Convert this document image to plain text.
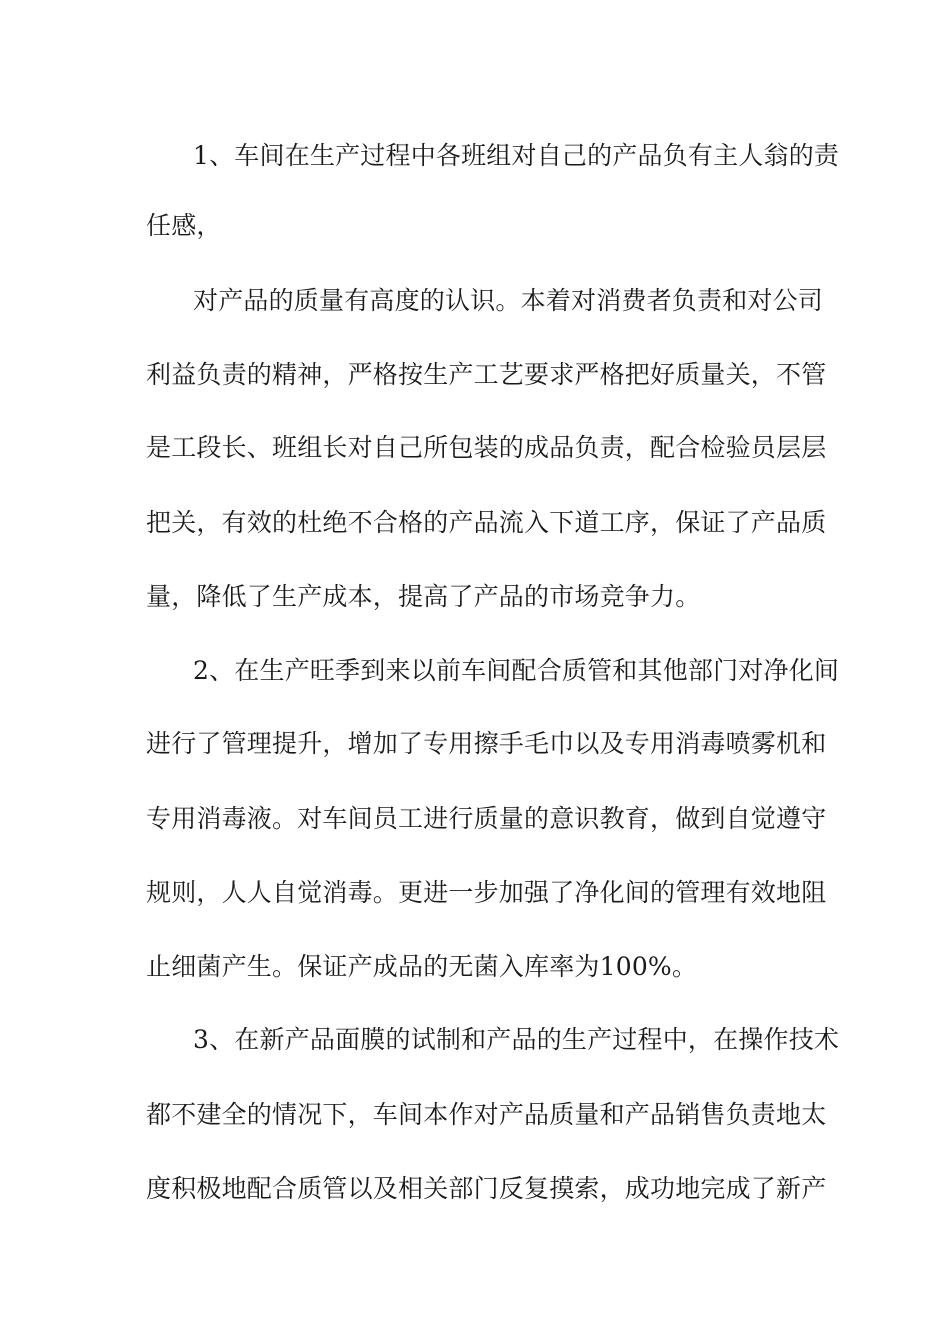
1、车间在生产过程中各班组对自己的产品负有主人翁的责
任感，
对产品的质量有高度的认识。本着对消费者负责和对公司
利益负责的精神，严格按生产工艺要求严格把好质量关，不管
是工段长、班组长对自己所包装的成品负责，配合检验员层层
把关，有效的杜绝不合格的产品流入下道工序，保证了产品质
量，降低了生产成本，提高了产品的市场竞争力。
2、在生产旺季到来以前车间配合质管和其他部门对净化间
进行了管理提升，增加了专用擦手毛巾以及专用消毒喷雾机和
专用消毒液。对车间员工进行质量的意识教育，做到自觉遵守
规则，人人自觉消毒。更进一步加强了净化间的管理有效地阻
止细菌产生。保证产成品的无菌入库率为100%。
3、在新产品面膜的试制和产品的生产过程中，在操作技术
都不建全的情况下，车间本作对产品质量和产品销售负责地太
度积极地配合质管以及相关部门反复摸索，成功地完成了新产
